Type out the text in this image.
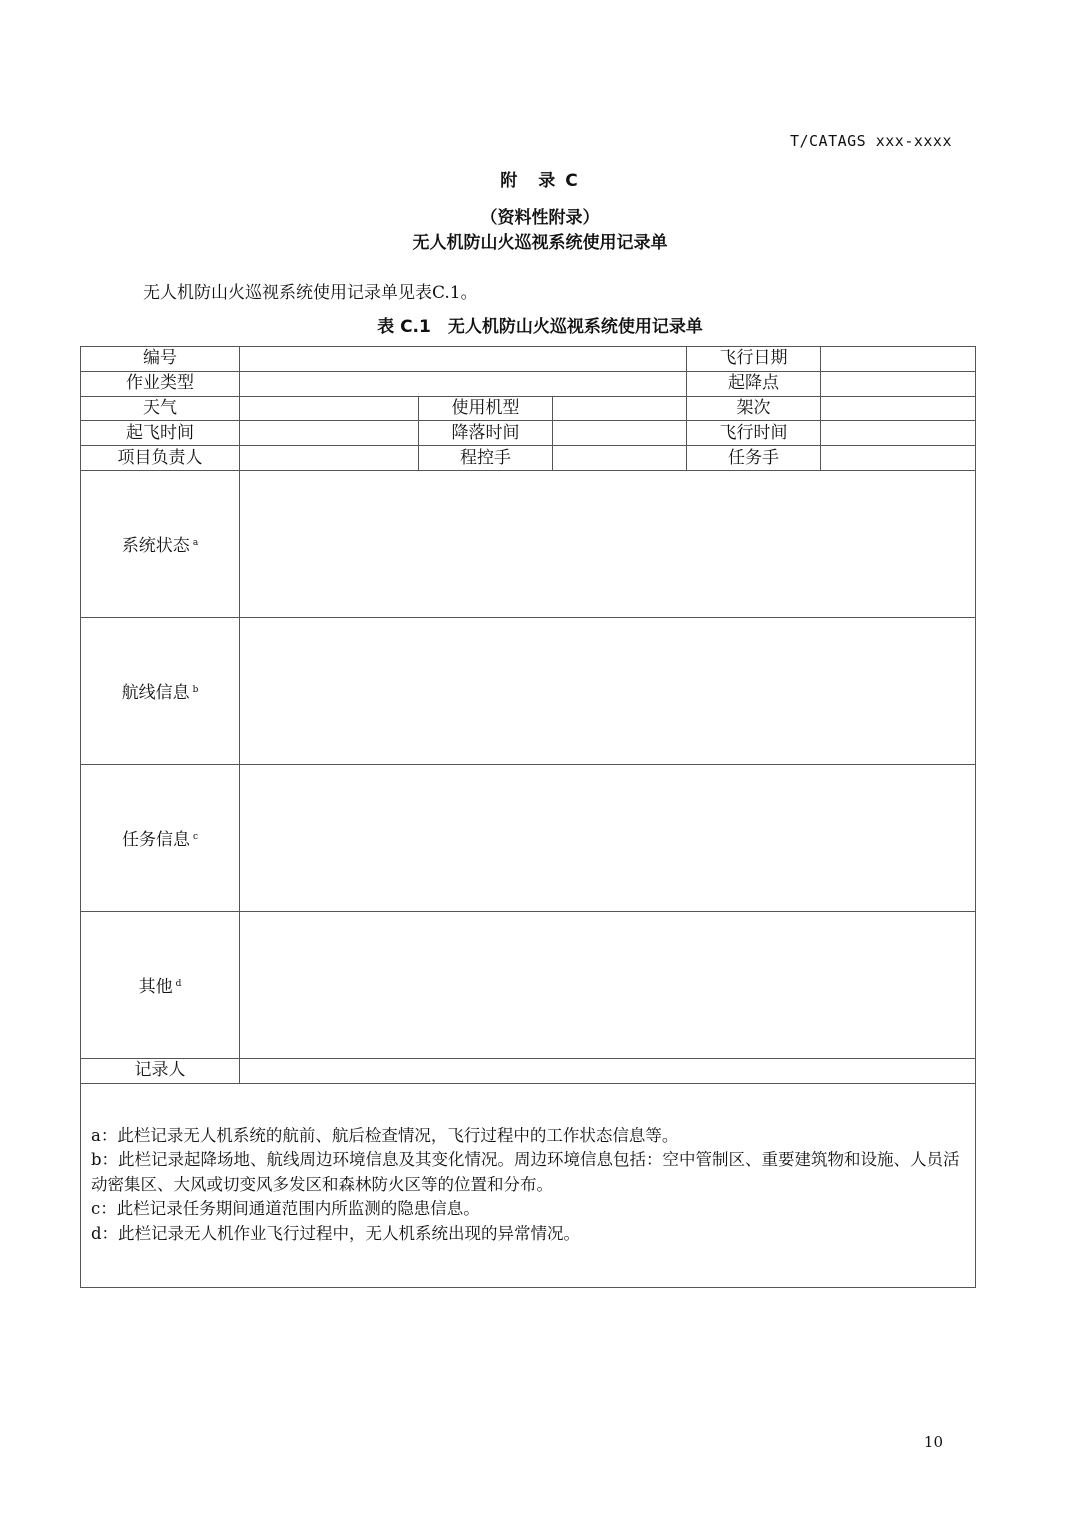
T/CATAGS xxx-xxxx
附　录 C
（资料性附录）
无人机防山火巡视系统使用记录单
无人机防山火巡视系统使用记录单见表C.1。
表 C.1　无人机防山火巡视系统使用记录单
编号				飞行日期	
作业类型				起降点	
天气		使用机型		架次	
起飞时间		降落时间		飞行时间	
项目负责人		程控手		任务手	
系统状态 $^a$	
航线信息 $^b$	
任务信息 $^c$	
其他 $^d$	
记录人					

a：此栏记录无人机系统的航前、航后检查情况，飞行过程中的工作状态信息等。
b：此栏记录起降场地、航线周边环境信息及其变化情况。周边环境信息包括：空中管制区、重要建筑物和设施、人员活动密集区、大风或切变风多发区和森林防火区等的位置和分布。
c：此栏记录任务期间通道范围内所监测的隐患信息。
d：此栏记录无人机作业飞行过程中，无人机系统出现的异常情况。					
10
